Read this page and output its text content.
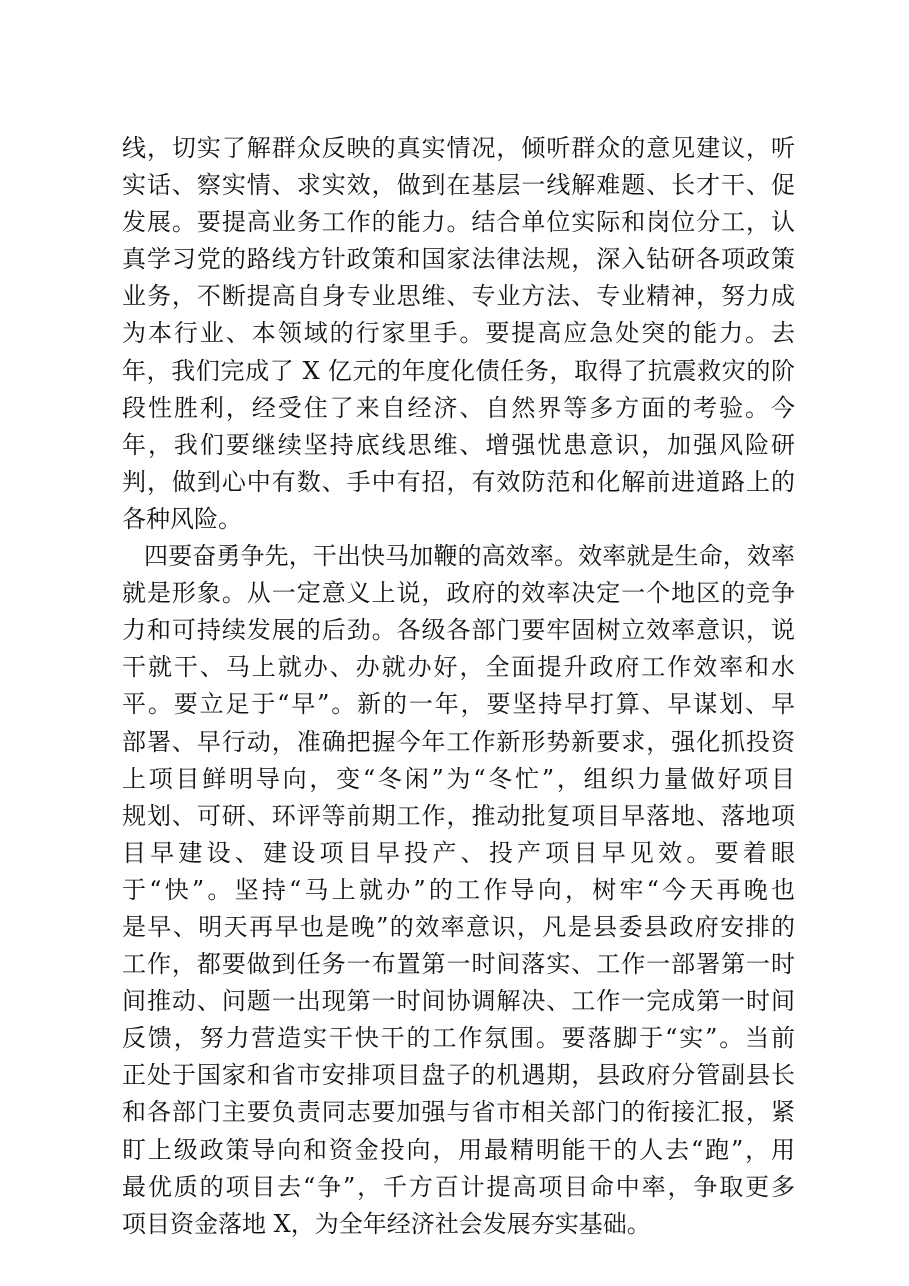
线，切实了解群众反映的真实情况，倾听群众的意见建议，听
实话、察实情、求实效，做到在基层一线解难题、长才干、促
发展。要提高业务工作的能力。结合单位实际和岗位分工，认
真学习党的路线方针政策和国家法律法规，深入钻研各项政策
业务，不断提高自身专业思维、专业方法、专业精神，努力成
为本行业、本领域的行家里手。要提高应急处突的能力。去
年，我们完成了 X 亿元的年度化债任务，取得了抗震救灾的阶
段性胜利，经受住了来自经济、自然界等多方面的考验。今
年，我们要继续坚持底线思维、增强忧患意识，加强风险研
判，做到心中有数、手中有招，有效防范和化解前进道路上的
各种风险。
四要奋勇争先，干出快马加鞭的高效率。效率就是生命，效率
就是形象。从一定意义上说，政府的效率决定一个地区的竞争
力和可持续发展的后劲。各级各部门要牢固树立效率意识，说
干就干、马上就办、办就办好，全面提升政府工作效率和水
平。要立足于“早”。新的一年，要坚持早打算、早谋划、早
部署、早行动，准确把握今年工作新形势新要求，强化抓投资
上项目鲜明导向，变“冬闲”为“冬忙”，组织力量做好项目
规划、可研、环评等前期工作，推动批复项目早落地、落地项
目早建设、建设项目早投产、投产项目早见效。要着眼
于“快”。坚持“马上就办”的工作导向，树牢“今天再晚也
是早、明天再早也是晚”的效率意识，凡是县委县政府安排的
工作，都要做到任务一布置第一时间落实、工作一部署第一时
间推动、问题一出现第一时间协调解决、工作一完成第一时间
反馈，努力营造实干快干的工作氛围。要落脚于“实”。当前
正处于国家和省市安排项目盘子的机遇期，县政府分管副县长
和各部门主要负责同志要加强与省市相关部门的衔接汇报，紧
盯上级政策导向和资金投向，用最精明能干的人去“跑”，用
最优质的项目去“争”，千方百计提高项目命中率，争取更多
项目资金落地 X，为全年经济社会发展夯实基础。
